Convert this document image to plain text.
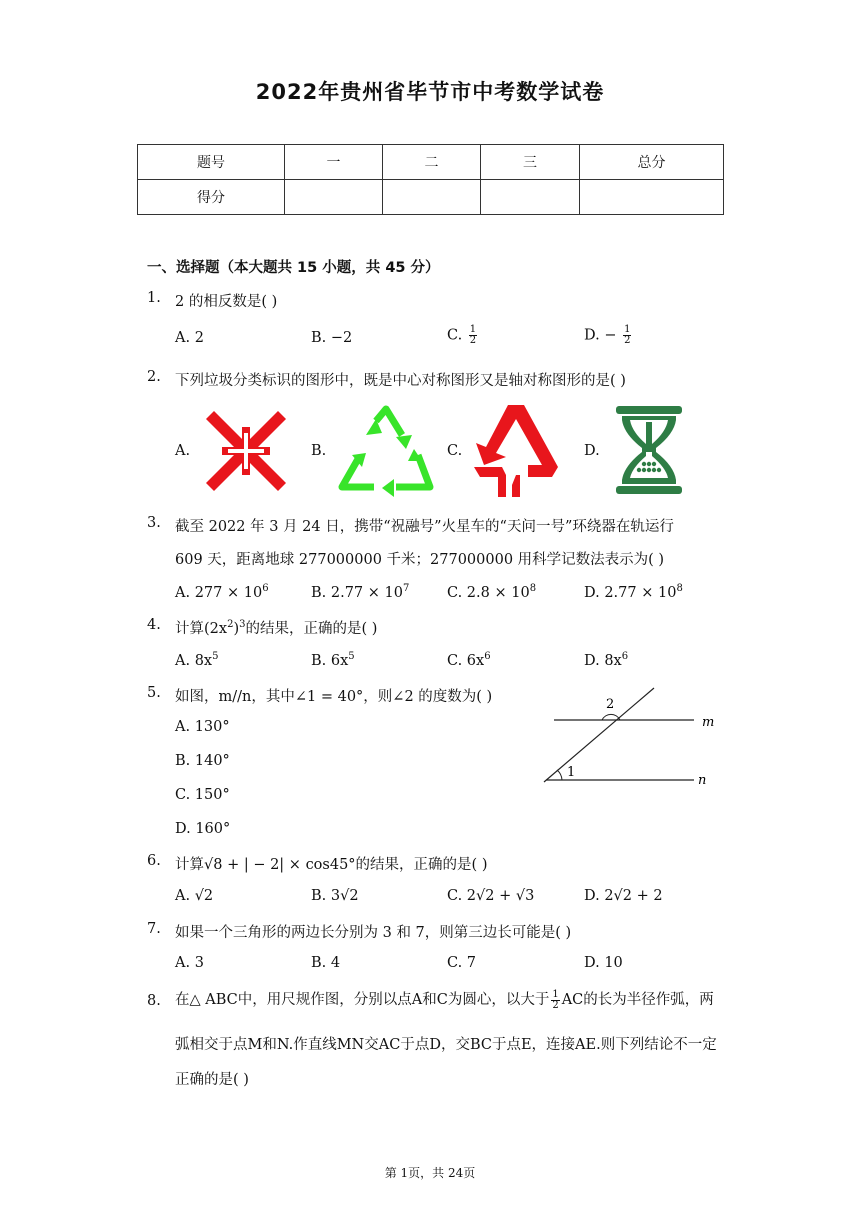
2022年贵州省毕节市中考数学试卷
题号	一	二	三	总分
得分				
一、选择题（本大题共 15 小题，共 45 分）
1. 2 的相反数是( )
A. 2	B. −2	C. $\frac{1}{2}$	D. − $\frac{1}{2}$
2. 下列垃圾分类标识的图形中，既是中心对称图形又是轴对称图形的是( )
A.	B.	C.	D.
3. 截至 2022 年 3 月 24 日，携带“祝融号”火星车的“天问一号”环绕器在轨运行
609 天，距离地球 277000000 千米；277000000 用科学记数法表示为( )
A. $277 \times 10^6$	B. $2.77 \times 10^7$	C. $2.8 \times 10^8$	D. $2.77 \times 10^8$
4. 计算$(2x^2)^3$的结果，正确的是( )
A. $8x^5$	B. $6x^5$	C. $6x^6$	D. $8x^6$
5. 如图，m//n，其中∠1 = 40°，则∠2 的度数为( )
A. 130°
B. 140°
C. 150°
D. 160°
2
1
m
n
6. 计算√8 + | − 2| × cos45°的结果，正确的是( )
A. √2	B. 3√2	C. 2√2 + √3	D. 2√2 + 2
7. 如果一个三角形的两边长分别为 3 和 7，则第三边长可能是( )
A. 3	B. 4	C. 7	D. 10
8. 在△ ABC中，用尺规作图，分别以点A和C为圆心，以大于 $\frac{1}{2}$ AC的长为半径作弧，两
弧相交于点M和N.作直线MN交AC于点D，交BC于点E，连接AE.则下列结论不一定
正确的是( )
第 1页，共 24页
